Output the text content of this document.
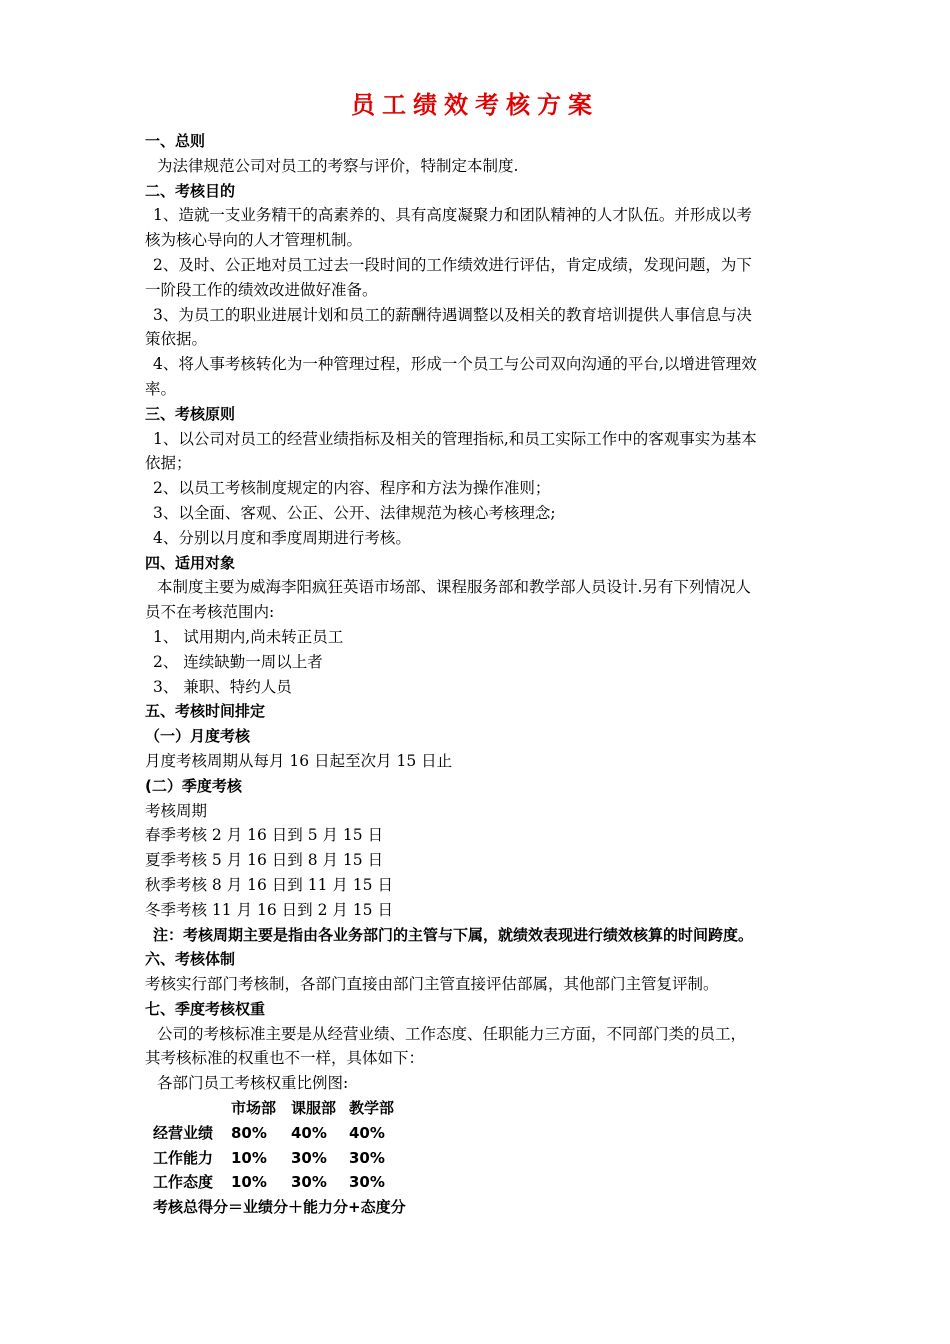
员工绩效考核方案
一、总则
为法律规范公司对员工的考察与评价，特制定本制度.
二、考核目的
1、造就一支业务精干的高素养的、具有高度凝聚力和团队精神的人才队伍。并形成以考
核为核心导向的人才管理机制。
2、及时、公正地对员工过去一段时间的工作绩效进行评估，肯定成绩，发现问题，为下
一阶段工作的绩效改进做好准备。
3、为员工的职业进展计划和员工的薪酬待遇调整以及相关的教育培训提供人事信息与决
策依据。
4、将人事考核转化为一种管理过程，形成一个员工与公司双向沟通的平台,以增进管理效
率。
三、考核原则
1、以公司对员工的经营业绩指标及相关的管理指标,和员工实际工作中的客观事实为基本
依据；
2、以员工考核制度规定的内容、程序和方法为操作准则；
3、以全面、客观、公正、公开、法律规范为核心考核理念;
4、分别以月度和季度周期进行考核。
四、适用对象
本制度主要为威海李阳疯狂英语市场部、课程服务部和教学部人员设计.另有下列情况人
员不在考核范围内:
1、 试用期内,尚未转正员工
2、 连续缺勤一周以上者
3、 兼职、特约人员
五、考核时间排定
（一）月度考核
月度考核周期从每月 16 日起至次月 15 日止
(二）季度考核
考核周期
春季考核 2 月 16 日到 5 月 15 日
夏季考核 5 月 16 日到 8 月 15 日
秋季考核 8 月 16 日到 11 月 15 日
冬季考核 11 月 16 日到 2 月 15 日
注：考核周期主要是指由各业务部门的主管与下属，就绩效表现进行绩效核算的时间跨度。
六、考核体制
考核实行部门考核制，各部门直接由部门主管直接评估部属，其他部门主管复评制。
七、季度考核权重
公司的考核标准主要是从经营业绩、工作态度、任职能力三方面，不同部门类的员工，
其考核标准的权重也不一样，具体如下：
各部门员工考核权重比例图:
市场部 课服部 教学部
经营业绩 80% 40% 40%
工作能力 10% 30% 30%
工作态度 10% 30% 30%
考核总得分＝业绩分＋能力分+态度分
